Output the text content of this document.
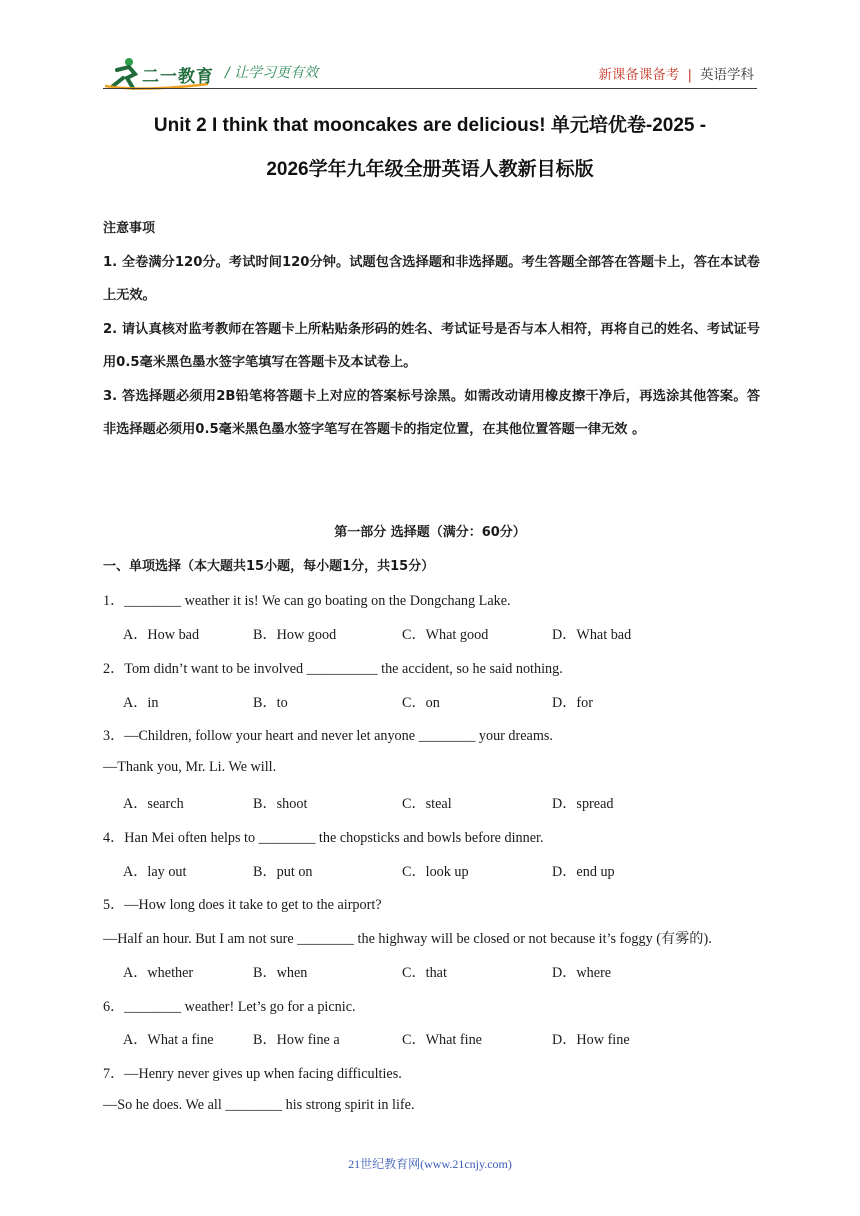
二一教育 / 让学习更有效	新课备课备考 | 英语学科
Unit 2 I think that mooncakes are delicious! 单元培优卷-2025 -
2026学年九年级全册英语人教新目标版
注意事项

1. 全卷满分120分。考试时间120分钟。试题包含选择题和非选择题。考生答题全部答在答题卡上，答在本试卷上无效。

2. 请认真核对监考教师在答题卡上所粘贴条形码的姓名、考试证号是否与本人相符，再将自己的姓名、考试证号用0.5毫米黑色墨水签字笔填写在答题卡及本试卷上。

3. 答选择题必须用2B铅笔将答题卡上对应的答案标号涂黑。如需改动请用橡皮擦干净后，再选涂其他答案。答非选择题必须用0.5毫米黑色墨水签字笔写在答题卡的指定位置，在其他位置答题一律无效 。

第一部分 选择题（满分：60分）
一、单项选择（本大题共15小题，每小题1分，共15分）
1．________ weather it is! We can go boating on the Dongchang Lake.
A．How bad	B．How good	C．What good	D．What bad
2．Tom didn’t want to be involved __________ the accident, so he said nothing.
A．in	B．to	C．on	D．for
3．—Children, follow your heart and never let anyone ________ your dreams.
—Thank you, Mr. Li. We will.
A．search	B．shoot	C．steal	D．spread
4．Han Mei often helps to ________ the chopsticks and bowls before dinner.
A．lay out	B．put on	C．look up	D．end up
5．—How long does it take to get to the airport?
—Half an hour. But I am not sure ________ the highway will be closed or not because it’s foggy (有雾的).
A．whether	B．when	C．that	D．where
6．________ weather! Let’s go for a picnic.
A．What a fine	B．How fine a	C．What fine	D．How fine
7．—Henry never gives up when facing difficulties.
—So he does. We all ________ his strong spirit in life.
21世纪教育网(www.21cnjy.com)
